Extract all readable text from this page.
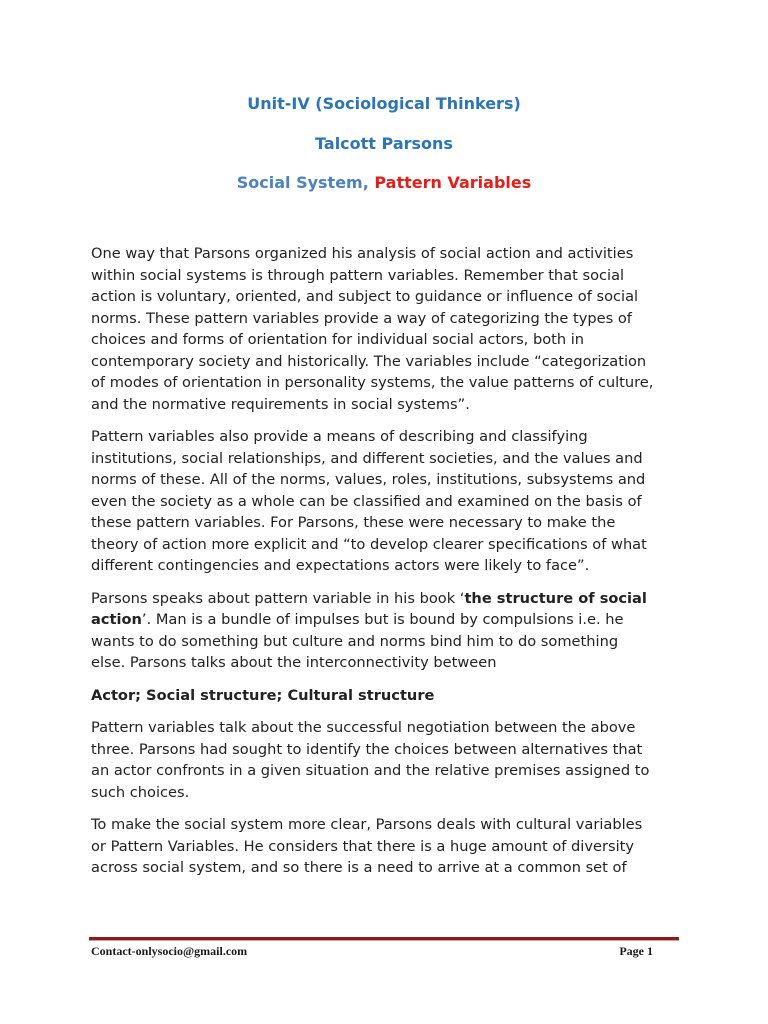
Unit-IV (Sociological Thinkers)
Talcott Parsons
Social System, Pattern Variables
One way that Parsons organized his analysis of social action and activities
within social systems is through pattern variables. Remember that social
action is voluntary, oriented, and subject to guidance or influence of social
norms. These pattern variables provide a way of categorizing the types of
choices and forms of orientation for individual social actors, both in
contemporary society and historically. The variables include “categorization
of modes of orientation in personality systems, the value patterns of culture,
and the normative requirements in social systems”.
Pattern variables also provide a means of describing and classifying
institutions, social relationships, and different societies, and the values and
norms of these. All of the norms, values, roles, institutions, subsystems and
even the society as a whole can be classified and examined on the basis of
these pattern variables. For Parsons, these were necessary to make the
theory of action more explicit and “to develop clearer specifications of what
different contingencies and expectations actors were likely to face”.
Parsons speaks about pattern variable in his book ‘the structure of social
action’. Man is a bundle of impulses but is bound by compulsions i.e. he
wants to do something but culture and norms bind him to do something
else. Parsons talks about the interconnectivity between
Actor; Social structure; Cultural structure
Pattern variables talk about the successful negotiation between the above
three. Parsons had sought to identify the choices between alternatives that
an actor confronts in a given situation and the relative premises assigned to
such choices.
To make the social system more clear, Parsons deals with cultural variables
or Pattern Variables. He considers that there is a huge amount of diversity
across social system, and so there is a need to arrive at a common set of
Contact-onlysocio@gmail.com	Page 1
